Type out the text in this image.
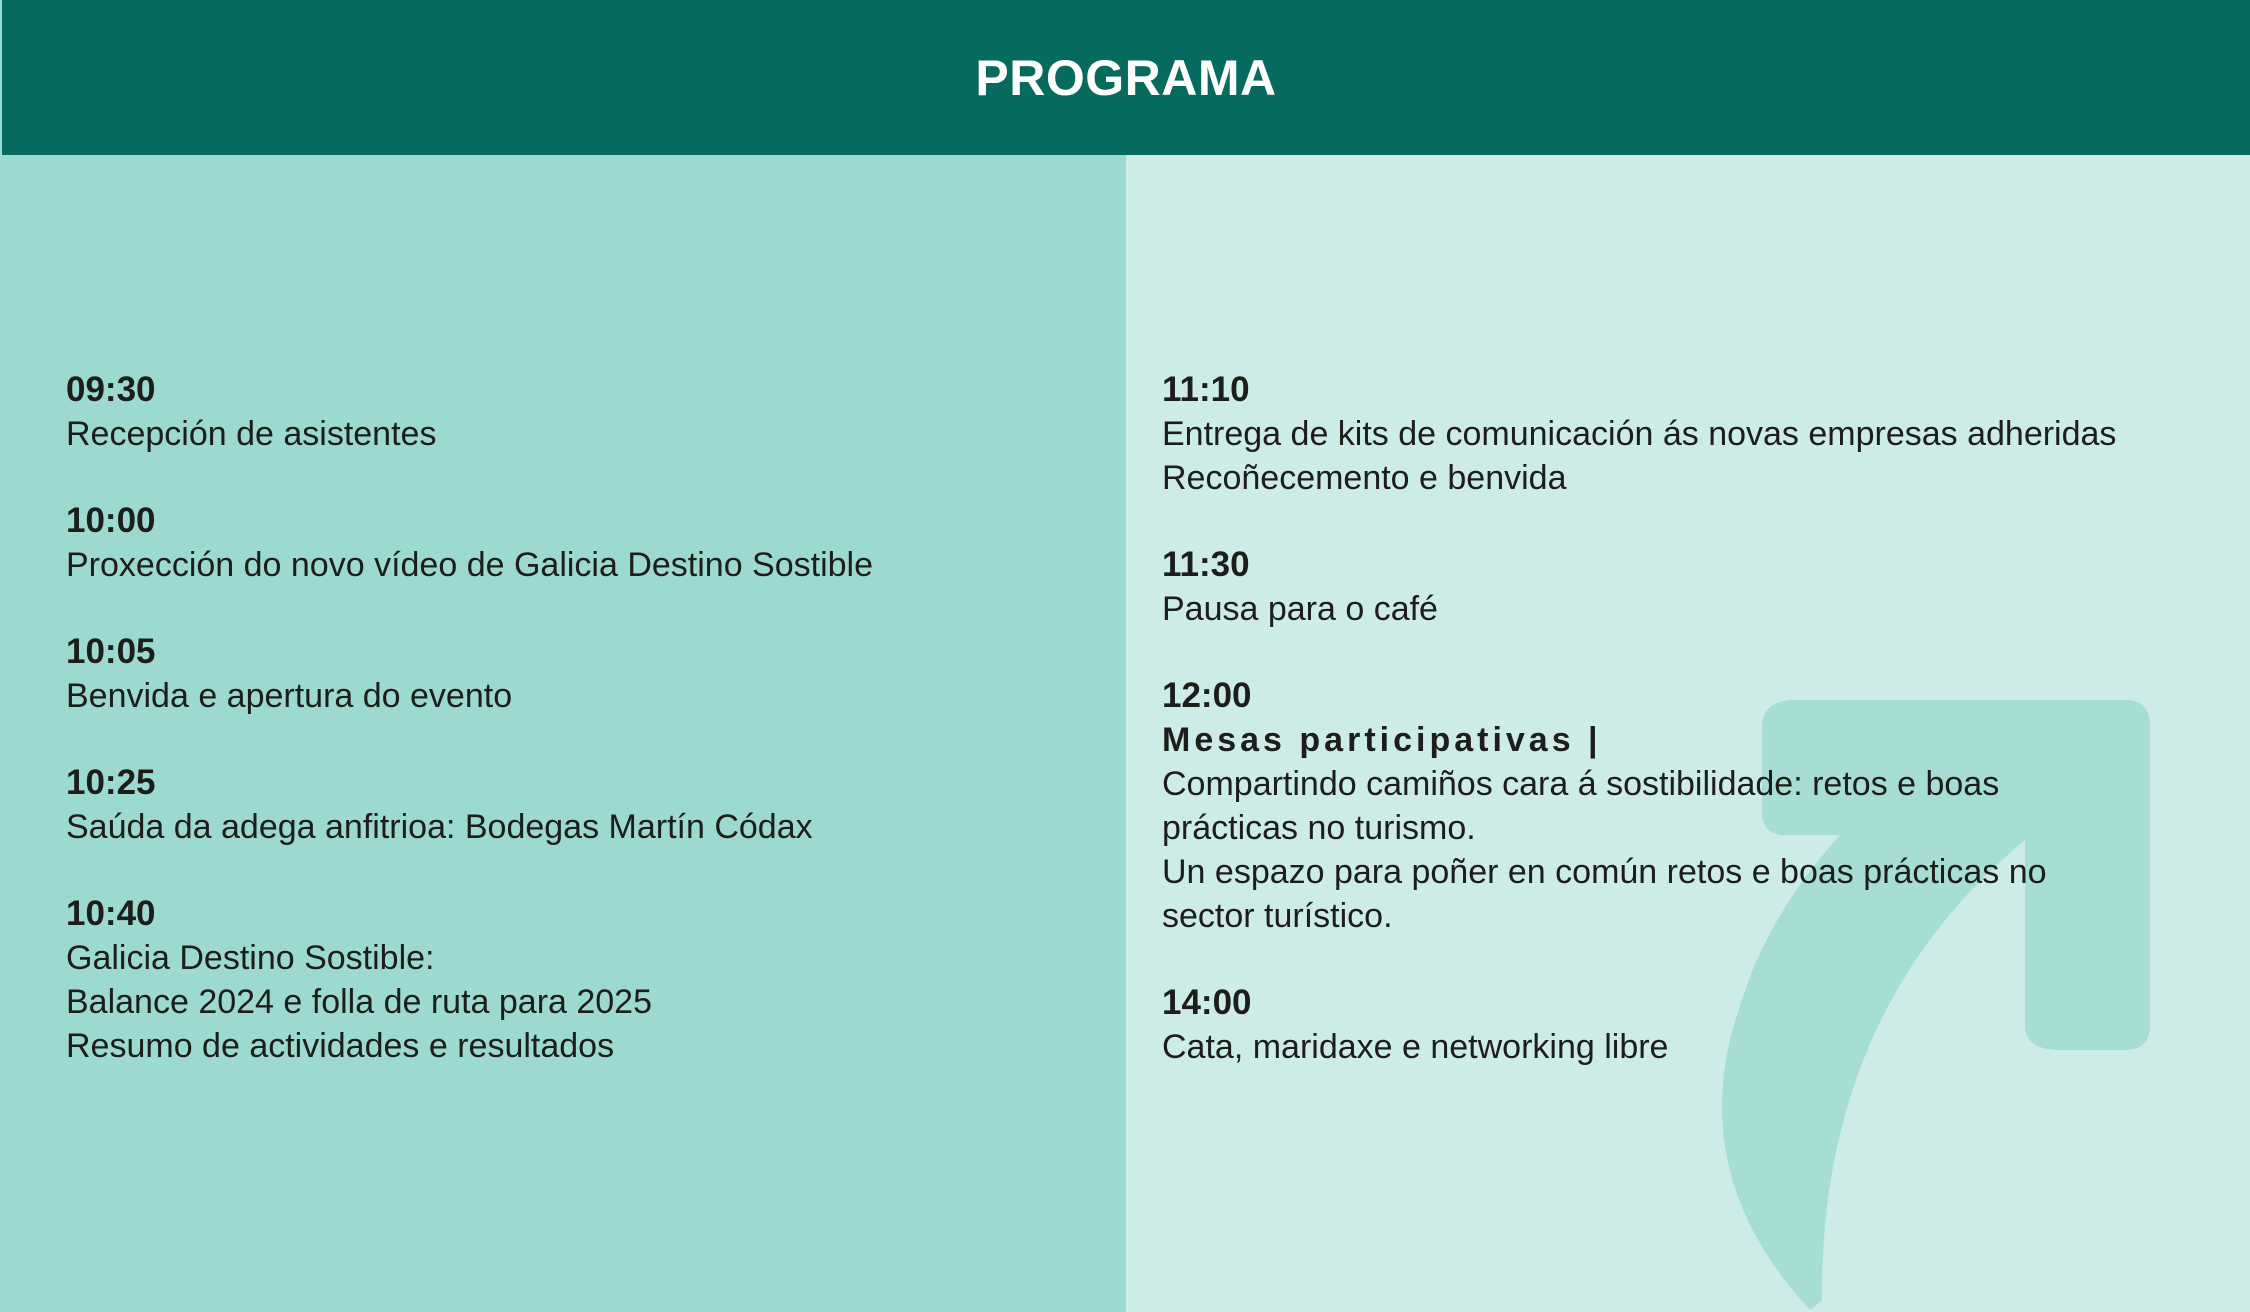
PROGRAMA
09:30
Recepción de asistentes
10:00
Proxección do novo vídeo de Galicia Destino Sostible
10:05
Benvida e apertura do evento
10:25
Saúda da adega anfitrioa: Bodegas Martín Códax
10:40
Galicia Destino Sostible:
Balance 2024 e folla de ruta para 2025
Resumo de actividades e resultados
11:10
Entrega de kits de comunicación ás novas empresas adheridas
Recoñecemento e benvida
11:30
Pausa para o café
12:00
Mesas participativas |
Compartindo camiños cara á sostibilidade: retos e boas
prácticas no turismo.
Un espazo para poñer en común retos e boas prácticas no
sector turístico.
14:00
Cata, maridaxe e networking libre
